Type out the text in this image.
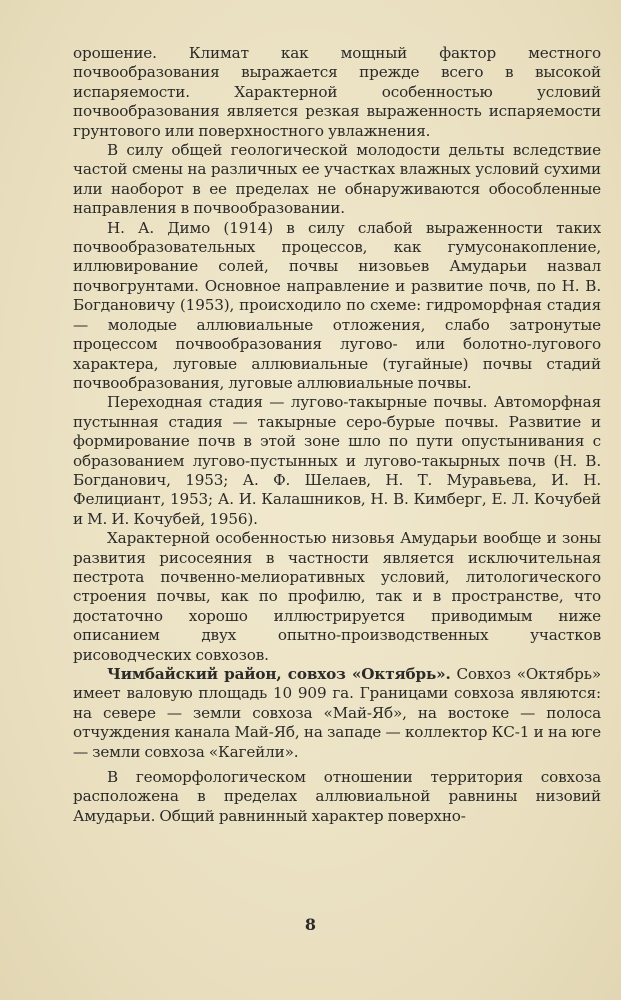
орошение. Климат как мощный фактор местного почвообразования выражается прежде всего в высокой испаряемости. Характерной особенностью условий почвообразования является резкая выраженность испаряемости грунтового или поверхностного увлажнения.

В силу общей геологической молодости дельты вследствие частой смены на различных ее участках влажных условий сухими или наоборот в ее пределах не обнаруживаются обособленные направления в почвообразовании.

Н. А. Димо (1914) в силу слабой выраженности таких почвообразовательных процессов, как гумусонакопление, иллювирование солей, почвы низовьев Амударьи назвал почвогрунтами. Основное направление и развитие почв, по Н. В. Богдановичу (1953), происходило по схеме: гидроморфная стадия — молодые аллювиальные отложения, слабо затронутые процессом почвообразования лугово- или болотно-лугового характера, луговые аллювиальные (тугайные) почвы стадий почвообразования, луговые аллювиальные почвы.

Переходная стадия — лугово-такырные почвы. Автоморфная пустынная стадия — такырные серо-бурые почвы. Развитие и формирование почв в этой зоне шло по пути опустынивания с образованием лугово-пустынных и лугово-такырных почв (Н. В. Богданович, 1953; А. Ф. Шелаев, Н. Т. Муравьева, И. Н. Фелициант, 1953; А. И. Калашников, Н. В. Кимберг, Е. Л. Кочубей и М. И. Кочубей, 1956).

Характерной особенностью низовья Амударьи вообще и зоны развития рисосеяния в частности является исключительная пестрота почвенно-мелиоративных условий, литологического строения почвы, как по профилю, так и в пространстве, что достаточно хорошо иллюстрируется приводимым ниже описанием двух опытно-производственных участков рисоводческих совхозов.

Чимбайский район, совхоз «Октябрь». Совхоз «Октябрь» имеет валовую площадь 10 909 га. Границами совхоза являются: на севере — земли совхоза «Май-Яб», на востоке — полоса отчуждения канала Май-Яб, на западе — коллектор КС-1 и на юге — земли совхоза «Кагейли».

В геоморфологическом отношении территория совхоза расположена в пределах аллювиальной равнины низовий Амударьи. Общий равнинный характер поверхно-

8
